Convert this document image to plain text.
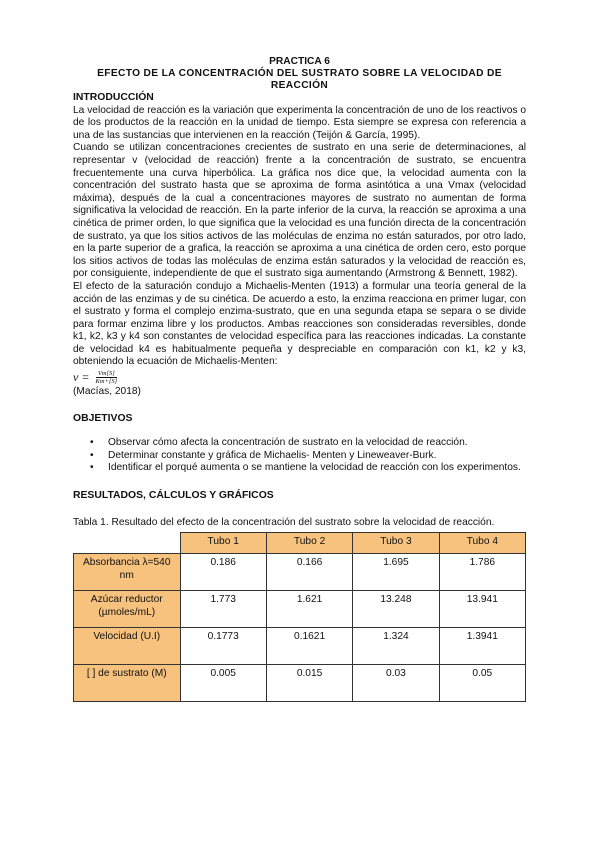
PRACTICA 6
EFECTO DE LA CONCENTRACIÓN DEL SUSTRATO SOBRE LA VELOCIDAD DE REACCIÓN
INTRODUCCIÓN

La velocidad de reacción es la variación que experimenta la concentración de uno de los reactivos o de los productos de la reacción en la unidad de tiempo. Esta siempre se expresa con referencia a una de las sustancias que intervienen en la reacción (Teijón & García, 1995).

Cuando se utilizan concentraciones crecientes de sustrato en una serie de determinaciones, al representar v (velocidad de reacción) frente a la concentración de sustrato, se encuentra frecuentemente una curva hiperbólica. La gráfica nos dice que, la velocidad aumenta con la concentración del sustrato hasta que se aproxima de forma asintótica a una Vmax (velocidad máxima), después de la cual a concentraciones mayores de sustrato no aumentan de forma significativa la velocidad de reacción. En la parte inferior de la curva, la reacción se aproxima a una cinética de primer orden, lo que significa que la velocidad es una función directa de la concentración de sustrato, ya que los sitios activos de las moléculas de enzima no están saturados, por otro lado, en la parte superior de a grafica, la reacción se aproxima a una cinética de orden cero, esto porque los sitios activos de todas las moléculas de enzima están saturados y la velocidad de reacción es, por consiguiente, independiente de que el sustrato siga aumentando (Armstrong & Bennett, 1982).

El efecto de la saturación condujo a Michaelis-Menten (1913) a formular una teoría general de la acción de las enzimas y de su cinética. De acuerdo a esto, la enzima reacciona en primer lugar, con el sustrato y forma el complejo enzima-sustrato, que en una segunda etapa se separa o se divide para formar enzima libre y los productos. Ambas reacciones son consideradas reversibles, donde k1, k2, k3 y k4 son constantes de velocidad específica para las reacciones indicadas. La constante de velocidad k4 es habitualmente pequeña y despreciable en comparación con k1, k2 y k3, obteniendo la ecuación de Michaelis-Menten:

$v = \frac{Vm[S]}{Km+[S]}$

(Macías, 2018)

OBJETIVOS
• Observar cómo afecta la concentración de sustrato en la velocidad de reacción.
• Determinar constante y gráfica de Michaelis- Menten y Lineweaver-Burk.
• Identificar el porqué aumenta o se mantiene la velocidad de reacción con los experimentos.
RESULTADOS, CÁLCULOS Y GRÁFICOS

Tabla 1. Resultado del efecto de la concentración del sustrato sobre la velocidad de reacción.

	Tubo 1	Tubo 2	Tubo 3	Tubo 4
Absorbancia λ=540 nm	0.186	0.166	1.695	1.786
Azúcar reductor (µmoles/mL)	1.773	1.621	13.248	13.941
Velocidad (U.I)	0.1773	0.1621	1.324	1.3941
[ ] de sustrato (M)	0.005	0.015	0.03	0.05
